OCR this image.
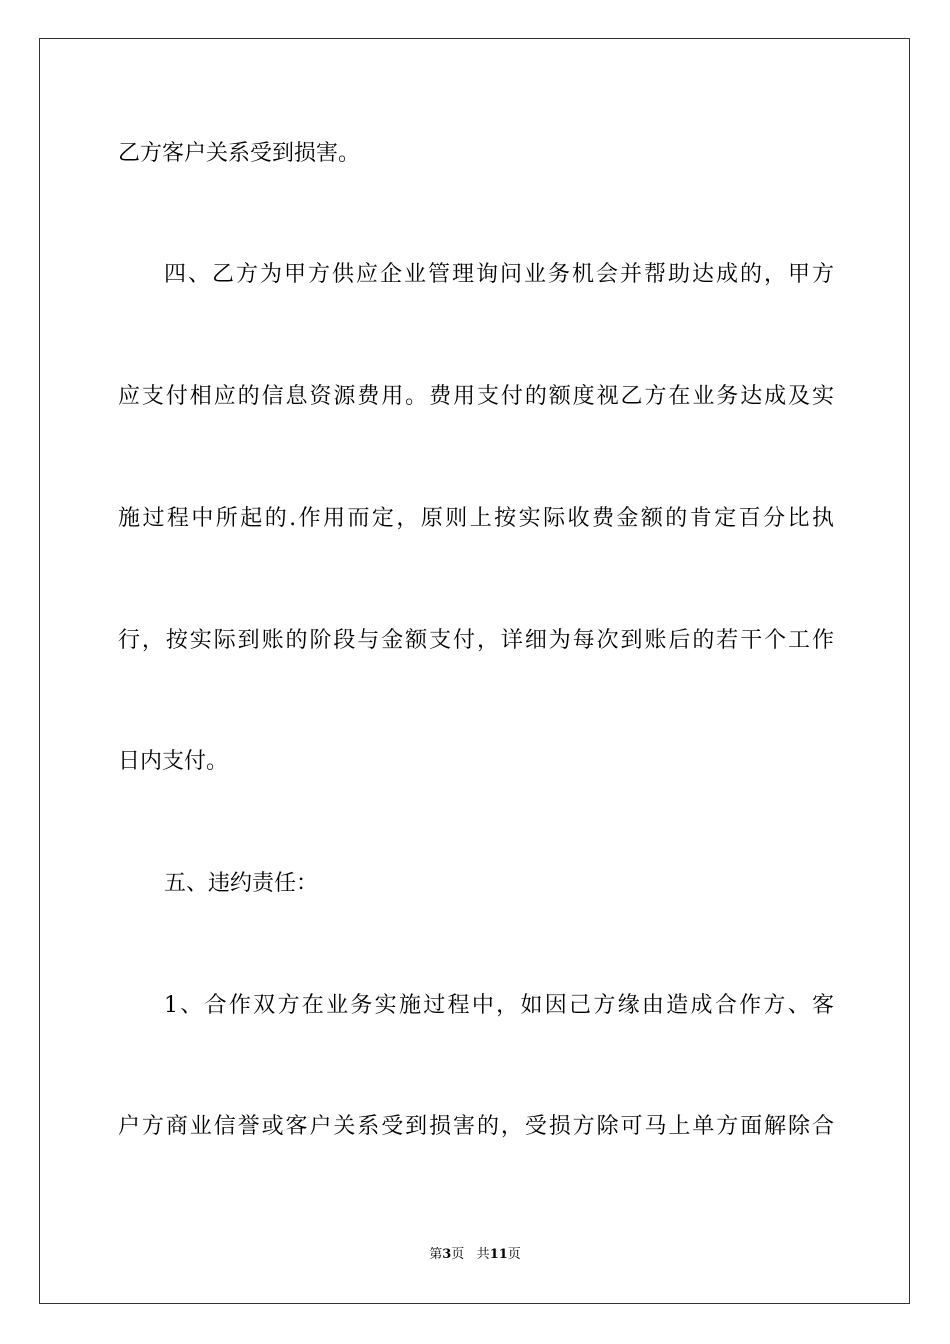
乙方客户关系受到损害。
四、乙方为甲方供应企业管理询问业务机会并帮助达成的，甲方
应支付相应的信息资源费用。费用支付的额度视乙方在业务达成及实
施过程中所起的.作用而定，原则上按实际收费金额的肯定百分比执
行，按实际到账的阶段与金额支付，详细为每次到账后的若干个工作
日内支付。
五、违约责任：
1、合作双方在业务实施过程中，如因己方缘由造成合作方、客
户方商业信誉或客户关系受到损害的，受损方除可马上单方面解除合
第3页 共11页
